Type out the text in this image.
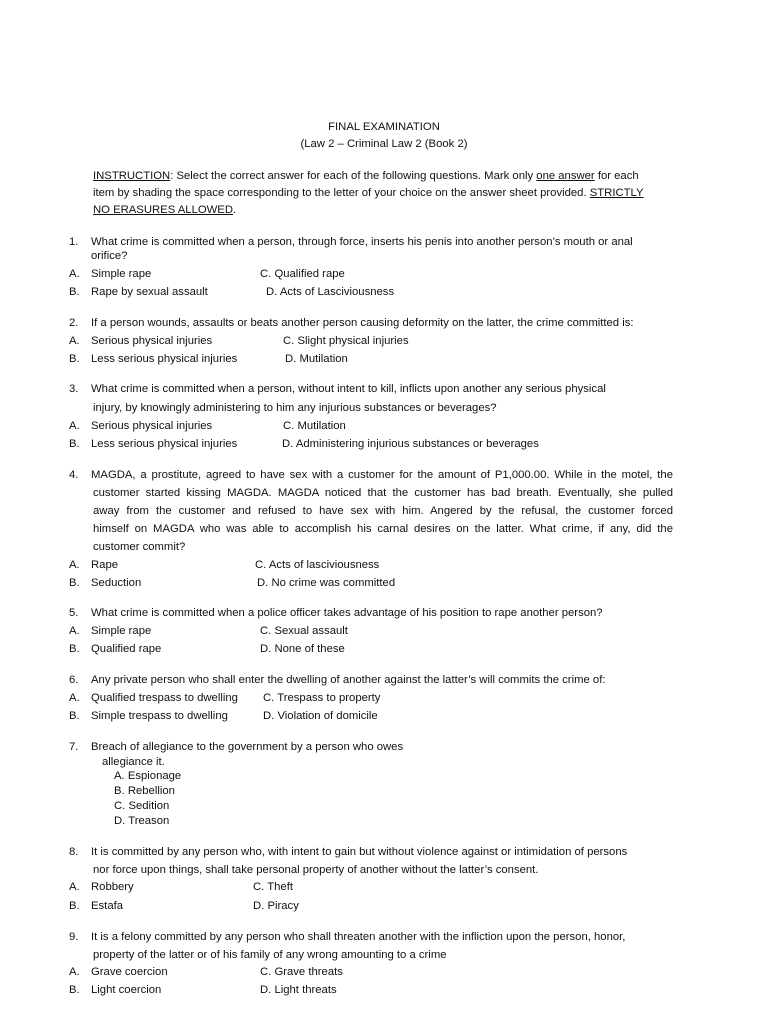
FINAL EXAMINATION
(Law 2 – Criminal Law 2 (Book 2)
INSTRUCTION: Select the correct answer for each of the following questions. Mark only one answer for each
item by shading the space corresponding to the letter of your choice on the answer sheet provided. STRICTLY
NO ERASURES ALLOWED.
1. What crime is committed when a person, through force, inserts his penis into another person’s mouth or anal
orifice?
A. Simple rape	C. Qualified rape
B. Rape by sexual assault	D. Acts of Lasciviousness
2. If a person wounds, assaults or beats another person causing deformity on the latter, the crime committed is:
A. Serious physical injuries	C. Slight physical injuries
B. Less serious physical injuries	D. Mutilation
3. What crime is committed when a person, without intent to kill, inflicts upon another any serious physical
injury, by knowingly administering to him any injurious substances or beverages?
A. Serious physical injuries	C. Mutilation
B. Less serious physical injuries	D. Administering injurious substances or beverages
4. MAGDA, a prostitute, agreed to have sex with a customer for the amount of P1,000.00. While in the motel, the
customer started kissing MAGDA. MAGDA noticed that the customer has bad breath. Eventually, she pulled
away from the customer and refused to have sex with him. Angered by the refusal, the customer forced
himself on MAGDA who was able to accomplish his carnal desires on the latter. What crime, if any, did the
customer commit?
A. Rape	C. Acts of lasciviousness
B. Seduction	D. No crime was committed
5. What crime is committed when a police officer takes advantage of his position to rape another person?
A. Simple rape	C. Sexual assault
B. Qualified rape	D. None of these
6. Any private person who shall enter the dwelling of another against the latter’s will commits the crime of:
A. Qualified trespass to dwelling C. Trespass to property
B. Simple trespass to dwelling	D. Violation of domicile
7. Breach of allegiance to the government by a person who owes
allegiance it.
A. Espionage
B. Rebellion
C. Sedition
D. Treason
8. It is committed by any person who, with intent to gain but without violence against or intimidation of persons
nor force upon things, shall take personal property of another without the latter’s consent.
A. Robbery	C. Theft
B. Estafa	D. Piracy
9. It is a felony committed by any person who shall threaten another with the infliction upon the person, honor,
property of the latter or of his family of any wrong amounting to a crime
A. Grave coercion	C. Grave threats
B. Light coercion	D. Light threats
